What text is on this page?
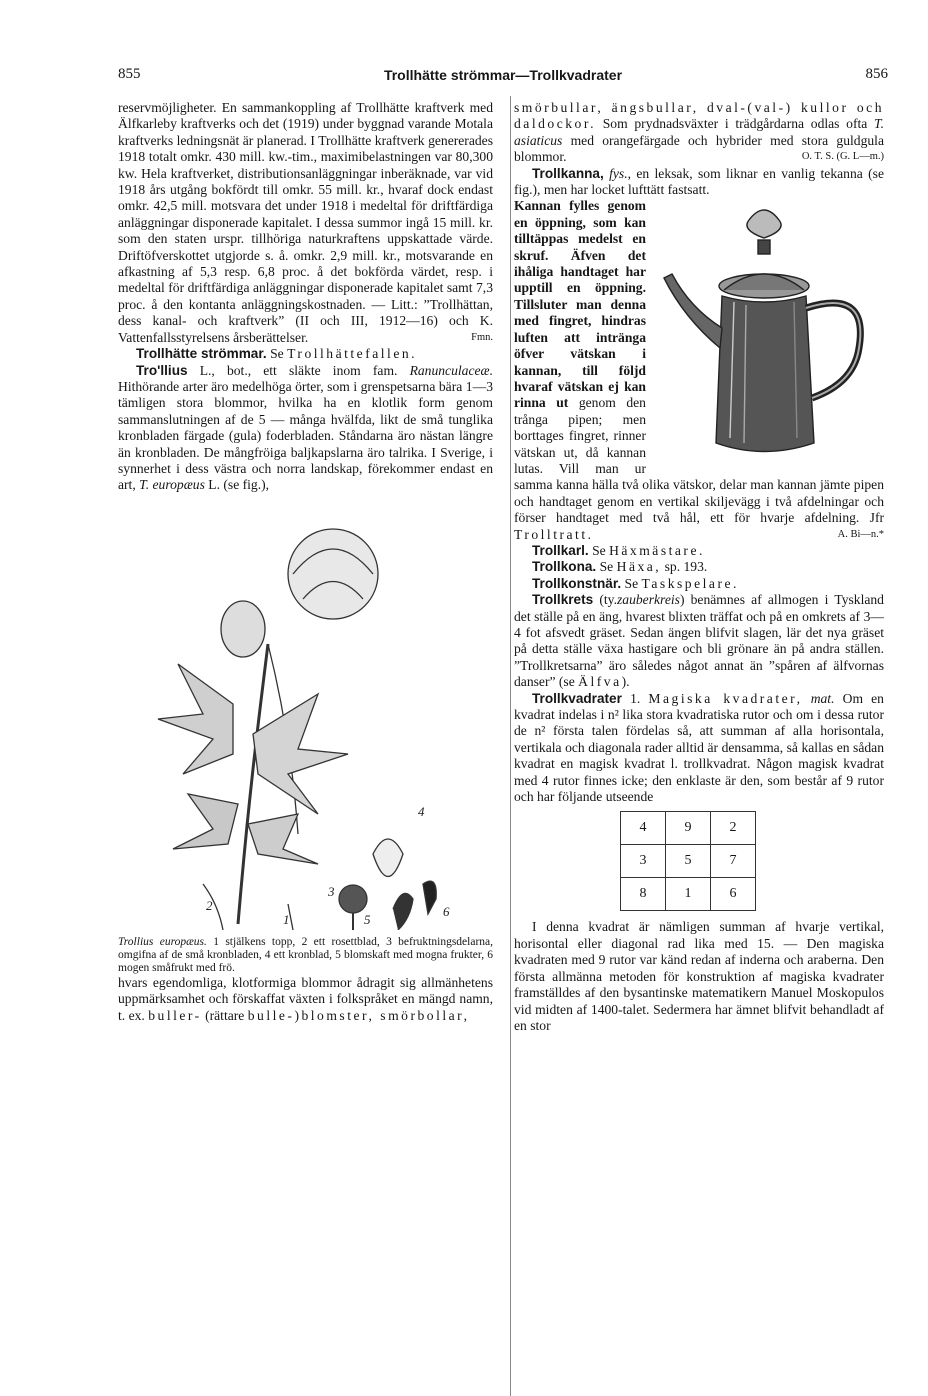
855	Trollhätte strömmar—Trollkvadrater	856

reservmöjligheter. En sammankoppling af Trollhätte kraftverk med Älfkarleby kraftverks och det (1919) under byggnad varande Motala kraftverks ledningsnät är planerad. I Trollhätte kraftverk genererades 1918 totalt omkr. 430 mill. kw.-tim., maximibelastningen var 80,300 kw. Hela kraftverket, distributionsanläggningar inberäknade, var vid 1918 års utgång bokfördt till omkr. 55 mill. kr., hvaraf dock endast omkr. 42,5 mill. motsvara det under 1918 i medeltal för driftfärdiga anläggningar disponerade kapitalet. I dessa summor ingå 15 mill. kr. som den staten urspr. tillhöriga naturkraftens uppskattade värde. Driftöfverskottet utgjorde s. å. omkr. 2,9 mill. kr., motsvarande en afkastning af 5,3 resp. 6,8 proc. å det bokförda värdet, resp. i medeltal för driftfärdiga anläggningar disponerade kapitalet samt 7,3 proc. å den kontanta anläggningskostnaden. — Litt.: ”Trollhättan, dess kanal- och kraftverk” (II och III, 1912—16) och K. Vattenfallsstyrelsens årsberättelser.	Fmn.

Trollhätte strömmar. Se Trollhättefallen.

Tro'llius L., bot., ett släkte inom fam. Ranunculaceæ. Hithörande arter äro medelhöga örter, som i grenspetsarna bära 1—3 tämligen stora blommor, hvilka ha en klotlik form genom sammanslutningen af de 5 — många hvälfda, likt de små tunglika kronbladen färgade (gula) foderbladen. Ståndarna äro nästan längre än kronbladen. De mångfröiga baljkapslarna äro talrika. I Sverige, i synnerhet i dess västra och norra landskap, förekommer endast en art, T. europæus L. (se fig.),

1
2
3
4
5
6

Trollius europæus. 1 stjälkens topp, 2 ett rosettblad, 3 befruktningsdelarna, omgifna af de små kronbladen, 4 ett kronblad, 5 blomskaft med mogna frukter, 6 mogen småfrukt med frö.

hvars egendomliga, klotformiga blommor ådragit sig allmänhetens uppmärksamhet och förskaffat växten i folkspråket en mängd namn, t. ex. buller- (rättare bulle-)blomster, smörbollar,

smörbullar, ängsbullar, dval-(val-) kullor och daldockor. Som prydnadsväxter i trädgårdarna odlas ofta T. asiaticus med orangefärgade och hybrider med stora guldgula blommor.	O. T. S. (G. L—m.)

Trollkanna, fys., en leksak, som liknar en vanlig tekanna (se fig.), men har locket lufttätt fastsatt.

Kannan fylles genom en öppning, som kan tilltäppas medelst en skruf. Äfven det ihåliga handtaget har upptill en öppning. Tillsluter man denna med fingret, hindras luften att intränga öfver vätskan i kannan, till följd hvaraf vätskan ej kan rinna ut genom den trånga pipen; men borttages fingret, rinner vätskan ut, då kannan lutas. Vill man ur samma kanna hälla två olika vätskor, delar man kannan jämte pipen och handtaget genom en vertikal skiljevägg i två afdelningar och förser handtaget med två hål, ett för hvarje afdelning. Jfr Trolltratt.	A. Bi—n.*

Trollkarl. Se Häxmästare.

Trollkona. Se Häxa, sp. 193.

Trollkonstnär. Se Taskspelare.

Trollkrets (ty.zauberkreis) benämnes af allmogen i Tyskland det ställe på en äng, hvarest blixten träffat och på en omkrets af 3—4 fot afsvedt gräset. Sedan ängen blifvit slagen, lär det nya gräset på detta ställe växa hastigare och bli grönare än på andra ställen. ”Trollkretsarna” äro således något annat än ”spåren af älfvornas danser” (se Älfva).

Trollkvadrater 1. Magiska kvadrater, mat. Om en kvadrat indelas i n² lika stora kvadratiska rutor och om i dessa rutor de n² första talen fördelas så, att summan af alla horisontala, vertikala och diagonala rader alltid är densamma, så kallas en sådan kvadrat en magisk kvadrat l. trollkvadrat. Någon magisk kvadrat med 4 rutor finnes icke; den enklaste är den, som består af 9 rutor och har följande utseende

4	9	2
3	5	7
8	1	6

I denna kvadrat är nämligen summan af hvarje vertikal, horisontal eller diagonal rad lika med 15. — Den magiska kvadraten med 9 rutor var känd redan af inderna och araberna. Den första allmänna metoden för konstruktion af magiska kvadrater framställdes af den bysantinske matematikern Manuel Moskopulos vid midten af 1400-talet. Sedermera har ämnet blifvit behandladt af en stor
